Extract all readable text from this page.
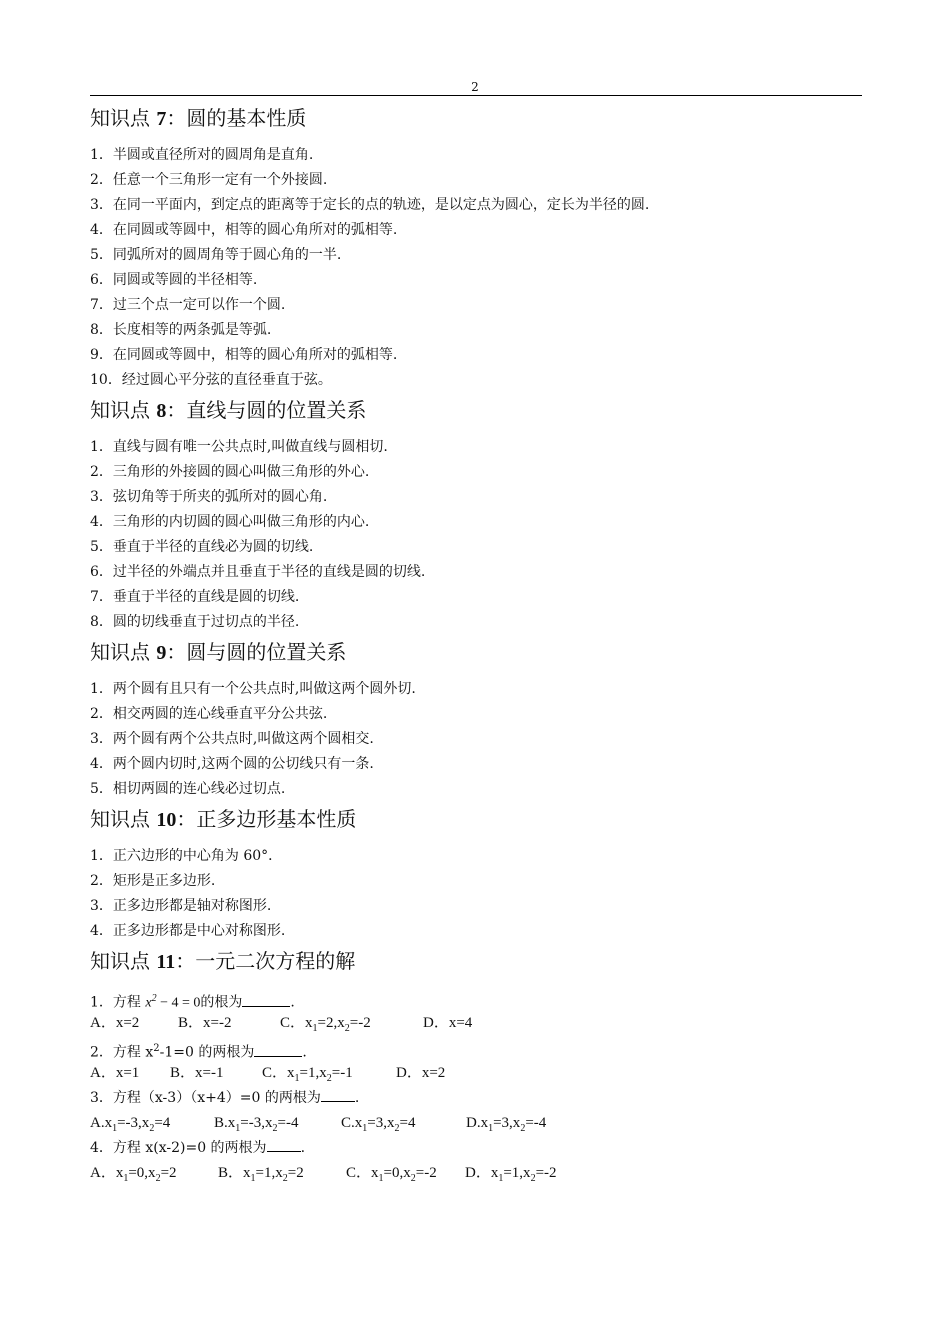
2
知识点 7：圆的基本性质
1．半圆或直径所对的圆周角是直角.
2．任意一个三角形一定有一个外接圆.
3．在同一平面内，到定点的距离等于定长的点的轨迹，是以定点为圆心，定长为半径的圆.
4．在同圆或等圆中，相等的圆心角所对的弧相等.
5．同弧所对的圆周角等于圆心角的一半.
6．同圆或等圆的半径相等.
7．过三个点一定可以作一个圆.
8．长度相等的两条弧是等弧.
9．在同圆或等圆中，相等的圆心角所对的弧相等.
10．经过圆心平分弦的直径垂直于弦。
知识点 8：直线与圆的位置关系
1．直线与圆有唯一公共点时,叫做直线与圆相切.
2．三角形的外接圆的圆心叫做三角形的外心.
3．弦切角等于所夹的弧所对的圆心角.
4．三角形的内切圆的圆心叫做三角形的内心.
5．垂直于半径的直线必为圆的切线.
6．过半径的外端点并且垂直于半径的直线是圆的切线.
7．垂直于半径的直线是圆的切线.
8．圆的切线垂直于过切点的半径.
知识点 9：圆与圆的位置关系
1．两个圆有且只有一个公共点时,叫做这两个圆外切.
2．相交两圆的连心线垂直平分公共弦.
3．两个圆有两个公共点时,叫做这两个圆相交.
4．两个圆内切时,这两个圆的公切线只有一条.
5．相切两圆的连心线必过切点.
知识点 10：正多边形基本性质
1．正六边形的中心角为 60°．
2．矩形是正多边形.
3．正多边形都是轴对称图形.
4．正多边形都是中心对称图形.
知识点 11：一元二次方程的解
1．方程 $x^2 - 4 = 0$的根为	.
A．x=2	B．x=-2	C．$x_1=2,x_2=-2$	D．x=4
2．方程 $x^2-1=0$ 的两根为	.
A．x=1 B．x=-1	C．$x_1=1,x_2=-1$	D．x=2
3．方程（x-3）（x+4）=0 的两根为 .
$A.x_1=-3,x_2=4$	$B.x_1=-3,x_2=-4$	$C.x_1=3,x_2=4$	$D.x_1=3,x_2=-4$
4．方程 x(x-2)=0 的两根为 .
A．$x_1=0,x_2=2$	B．$x_1=1,x_2=2$	C．$x_1=0,x_2=-2$ D．$x_1=1,x_2=-2$
